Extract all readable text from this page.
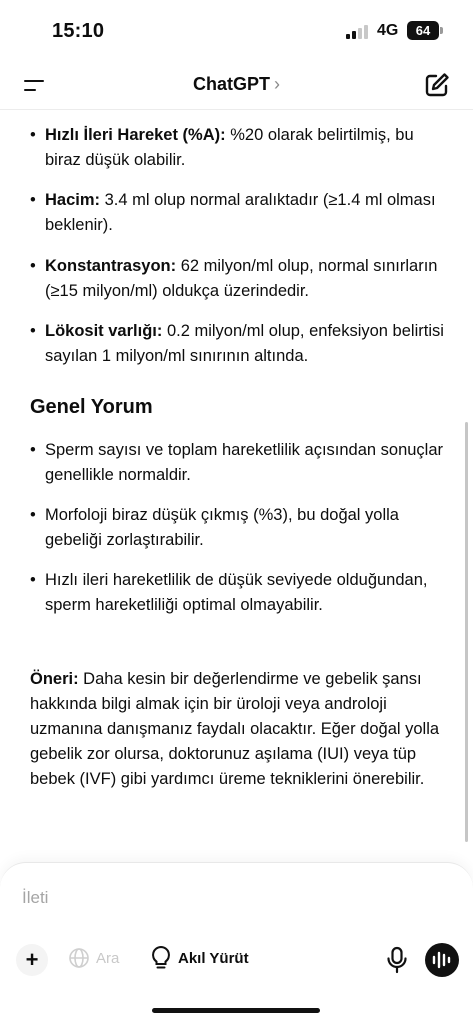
15:10	4G	64
ChatGPT ›
• Hızlı İleri Hareket (%A): %20 olarak belirtilmiş, bu biraz düşük olabilir.
• Hacim: 3.4 ml olup normal aralıktadır (≥1.4 ml olması beklenir).
• Konstantrasyon: 62 milyon/ml olup, normal sınırların (≥15 milyon/ml) oldukça üzerindedir.
• Lökosit varlığı: 0.2 milyon/ml olup, enfeksiyon belirtisi sayılan 1 milyon/ml sınırının altında.
Genel Yorum
• Sperm sayısı ve toplam hareketlilik açısından sonuçlar genellikle normaldir.
• Morfoloji biraz düşük çıkmış (%3), bu doğal yolla gebeliği zorlaştırabilir.
• Hızlı ileri hareketlilik de düşük seviyede olduğundan, sperm hareketliliği optimal olmayabilir.
Öneri: Daha kesin bir değerlendirme ve gebelik şansı hakkında bilgi almak için bir üroloji veya androloji uzmanına danışmanız faydalı olacaktır. Eğer doğal yolla gebelik zor olursa, doktorunuz aşılama (IUI) veya tüp bebek (IVF) gibi yardımcı üreme tekniklerini önerebilir.
İleti
+	Ara	Akıl Yürüt
